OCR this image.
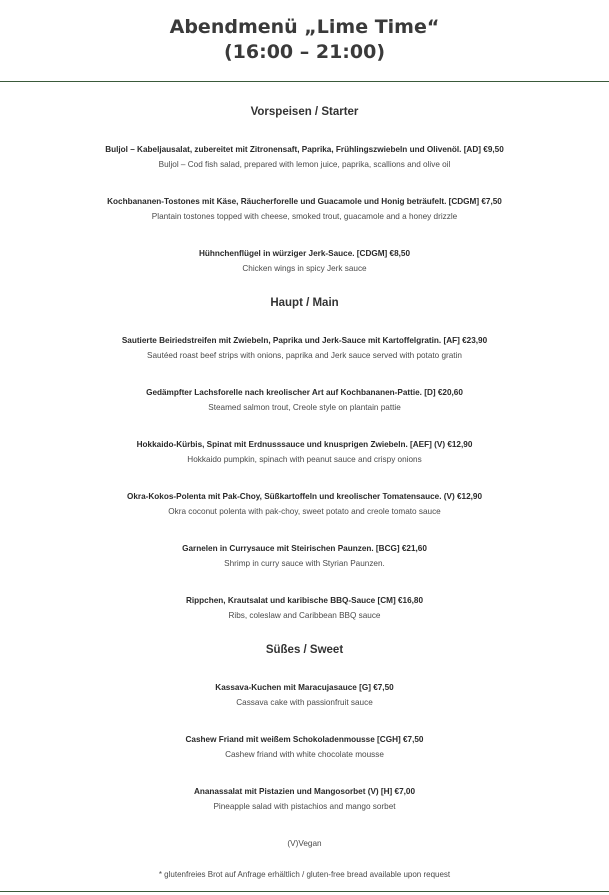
Abendmenü „Lime Time“
(16:00 – 21:00)
Vorspeisen / Starter
Buljol – Kabeljausalat, zubereitet mit Zitronensaft, Paprika, Frühlingszwiebeln und Olivenöl. [AD] €9,50
Buljol – Cod fish salad, prepared with lemon juice, paprika, scallions and olive oil
Kochbananen-Tostones mit Käse, Räucherforelle und Guacamole und Honig beträufelt. [CDGM] €7,50
Plantain tostones topped with cheese, smoked trout, guacamole and a honey drizzle
Hühnchenflügel in würziger Jerk-Sauce. [CDGM] €8,50
Chicken wings in spicy Jerk sauce
Haupt / Main
Sautierte Beiriedstreifen mit Zwiebeln, Paprika und Jerk-Sauce mit Kartoffelgratin. [AF] €23,90
Sautéed roast beef strips with onions, paprika and Jerk sauce served with potato gratin
Gedämpfter Lachsforelle nach kreolischer Art auf Kochbananen-Pattie. [D] €20,60
Steamed salmon trout, Creole style on plantain pattie
Hokkaido-Kürbis, Spinat mit Erdnusssauce und knusprigen Zwiebeln. [AEF] (V) €12,90
Hokkaido pumpkin, spinach with peanut sauce and crispy onions
Okra-Kokos-Polenta mit Pak-Choy, Süßkartoffeln und kreolischer Tomatensauce. (V) €12,90
Okra coconut polenta with pak-choy, sweet potato and creole tomato sauce
Garnelen in Currysauce mit Steirischen Paunzen. [BCG] €21,60
Shrimp in curry sauce with Styrian Paunzen.
Rippchen, Krautsalat und karibische BBQ-Sauce [CM] €16,80
Ribs, coleslaw and Caribbean BBQ sauce
Süßes / Sweet
Kassava-Kuchen mit Maracujasauce [G] €7,50
Cassava cake with passionfruit sauce
Cashew Friand mit weißem Schokoladenmousse [CGH] €7,50
Cashew friand with white chocolate mousse
Ananassalat mit Pistazien und Mangosorbet (V) [H] €7,00
Pineapple salad with pistachios and mango sorbet
(V)Vegan
* glutenfreies Brot auf Anfrage erhältlich / gluten-free bread available upon request
